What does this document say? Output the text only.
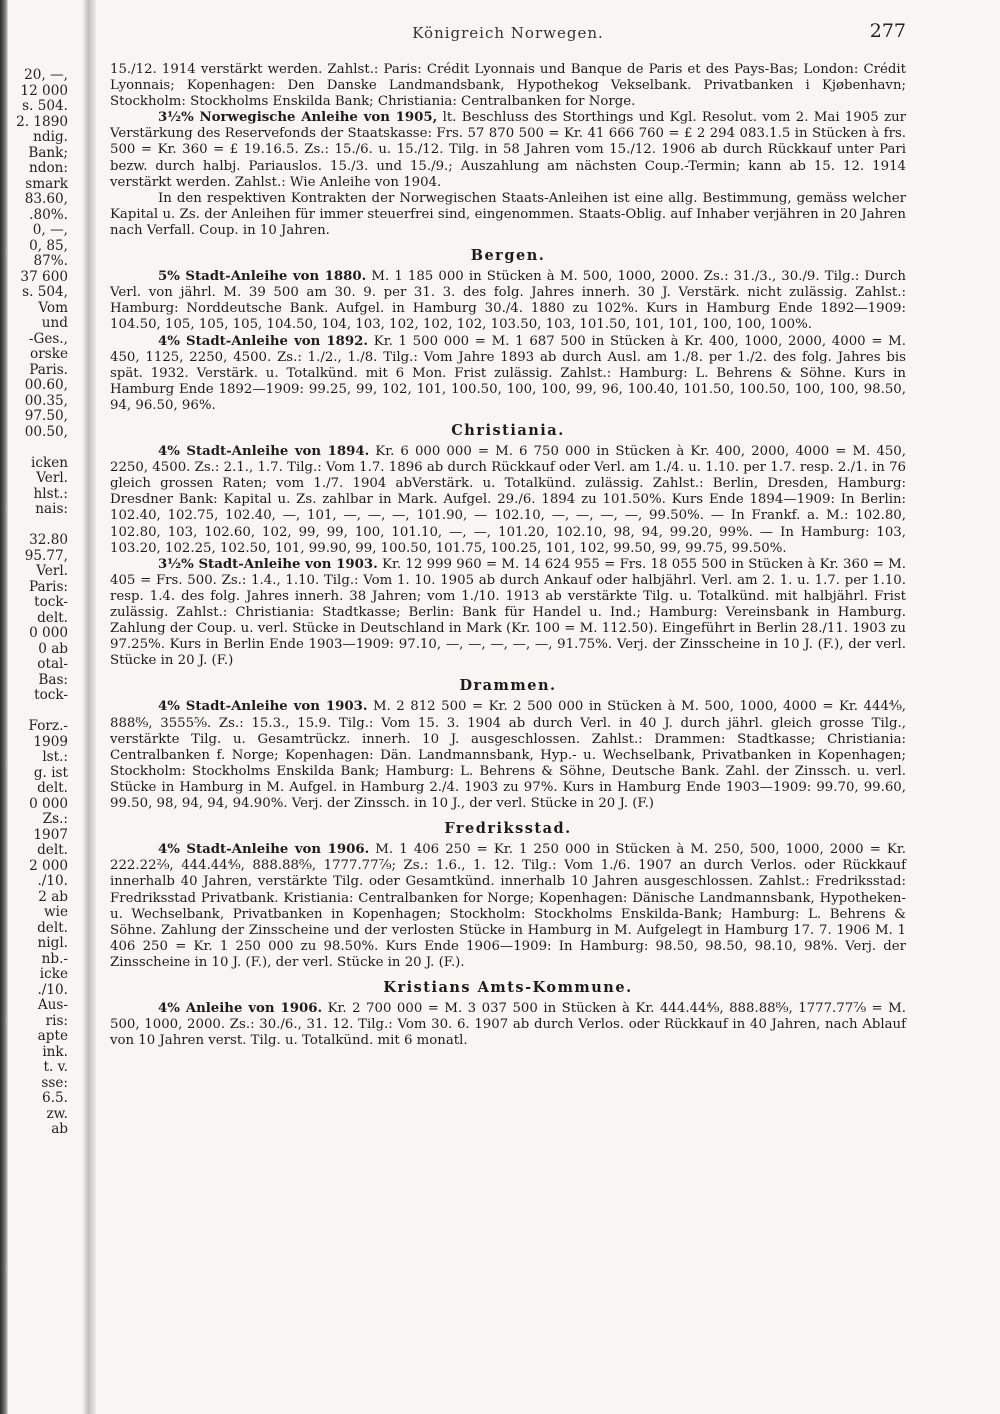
20, —,
12 000
s. 504.
2. 1890
ndig.
Bank;
ndon:
smark
83.60,
.80%.
0, —,
0, 85,
87%.
37 600
s. 504,
Vom
und
-Ges.,
orske
Paris.
00.60,
00.35,
97.50,
00.50,
icken
Verl.
hlst.:
nais:
32.80
95.77,
Verl.
Paris:
tock-
delt.
0 000
0 ab
otal-
Bas:
tock-
Forz.-
1909
lst.:
g. ist
delt.
0 000
Zs.:
1907
delt.
2 000
./10.
2 ab
wie
delt.
nigl.
nb.-
icke
./10.
Aus-
ris:
apte
ink.
t. v.
sse:
6.5.
zw.
ab
Königreich Norwegen.	277

15./12. 1914 verstärkt werden. Zahlst.: Paris: Crédit Lyonnais und Banque de Paris et des Pays-Bas; London: Crédit Lyonnais; Kopenhagen: Den Danske Landmandsbank, Hypothekog Vekselbank. Privatbanken i Kjøbenhavn; Stockholm: Stockholms Enskilda Bank; Christiania: Centralbanken for Norge.

3½% Norwegische Anleihe von 1905, lt. Beschluss des Storthings und Kgl. Resolut. vom 2. Mai 1905 zur Verstärkung des Reservefonds der Staatskasse: Frs. 57 870 500 = Kr. 41 666 760 = £ 2 294 083.1.5 in Stücken à frs. 500 = Kr. 360 = £ 19.16.5. Zs.: 15./6. u. 15./12. Tilg. in 58 Jahren vom 15./12. 1906 ab durch Rückkauf unter Pari bezw. durch halbj. Pariauslos. 15./3. und 15./9.; Auszahlung am nächsten Coup.-Termin; kann ab 15. 12. 1914 verstärkt werden. Zahlst.: Wie Anleihe von 1904.

In den respektiven Kontrakten der Norwegischen Staats-Anleihen ist eine allg. Bestimmung, gemäss welcher Kapital u. Zs. der Anleihen für immer steuerfrei sind, eingenommen. Staats-Oblig. auf Inhaber verjähren in 20 Jahren nach Verfall. Coup. in 10 Jahren.

Bergen.

5% Stadt-Anleihe von 1880. M. 1 185 000 in Stücken à M. 500, 1000, 2000. Zs.: 31./3., 30./9. Tilg.: Durch Verl. von jährl. M. 39 500 am 30. 9. per 31. 3. des folg. Jahres innerh. 30 J. Verstärk. nicht zulässig. Zahlst.: Hamburg: Norddeutsche Bank. Aufgel. in Hamburg 30./4. 1880 zu 102%. Kurs in Hamburg Ende 1892—1909: 104.50, 105, 105, 105, 104.50, 104, 103, 102, 102, 102, 103.50, 103, 101.50, 101, 101, 100, 100, 100%.

4% Stadt-Anleihe von 1892. Kr. 1 500 000 = M. 1 687 500 in Stücken à Kr. 400, 1000, 2000, 4000 = M. 450, 1125, 2250, 4500. Zs.: 1./2., 1./8. Tilg.: Vom Jahre 1893 ab durch Ausl. am 1./8. per 1./2. des folg. Jahres bis spät. 1932. Verstärk. u. Totalkünd. mit 6 Mon. Frist zulässig. Zahlst.: Hamburg: L. Behrens & Söhne. Kurs in Hamburg Ende 1892—1909: 99.25, 99, 102, 101, 100.50, 100, 100, 99, 96, 100.40, 101.50, 100.50, 100, 100, 98.50, 94, 96.50, 96%.

Christiania.

4% Stadt-Anleihe von 1894. Kr. 6 000 000 = M. 6 750 000 in Stücken à Kr. 400, 2000, 4000 = M. 450, 2250, 4500. Zs.: 2.1., 1.7. Tilg.: Vom 1.7. 1896 ab durch Rückkauf oder Verl. am 1./4. u. 1.10. per 1.7. resp. 2./1. in 76 gleich grossen Raten; vom 1./7. 1904 abVerstärk. u. Totalkünd. zulässig. Zahlst.: Berlin, Dresden, Hamburg: Dresdner Bank: Kapital u. Zs. zahlbar in Mark. Aufgel. 29./6. 1894 zu 101.50%. Kurs Ende 1894—1909: In Berlin: 102.40, 102.75, 102.40, —, 101, —, —, —, 101.90, — 102.10, —, —, —, —, 99.50%. — In Frankf. a. M.: 102.80, 102.80, 103, 102.60, 102, 99, 99, 100, 101.10, —, —, 101.20, 102.10, 98, 94, 99.20, 99%. — In Hamburg: 103, 103.20, 102.25, 102.50, 101, 99.90, 99, 100.50, 101.75, 100.25, 101, 102, 99.50, 99, 99.75, 99.50%.

3½% Stadt-Anleihe von 1903. Kr. 12 999 960 = M. 14 624 955 = Frs. 18 055 500 in Stücken à Kr. 360 = M. 405 = Frs. 500. Zs.: 1.4., 1.10. Tilg.: Vom 1. 10. 1905 ab durch Ankauf oder halbjährl. Verl. am 2. 1. u. 1.7. per 1.10. resp. 1.4. des folg. Jahres innerh. 38 Jahren; vom 1./10. 1913 ab verstärkte Tilg. u. Totalkünd. mit halbjährl. Frist zulässig. Zahlst.: Christiania: Stadtkasse; Berlin: Bank für Handel u. Ind.; Hamburg: Vereinsbank in Hamburg. Zahlung der Coup. u. verl. Stücke in Deutschland in Mark (Kr. 100 = M. 112.50). Eingeführt in Berlin 28./11. 1903 zu 97.25%. Kurs in Berlin Ende 1903—1909: 97.10, —, —, —, —, —, 91.75%. Verj. der Zinsscheine in 10 J. (F.), der verl. Stücke in 20 J. (F.)

Drammen.

4% Stadt-Anleihe von 1903. M. 2 812 500 = Kr. 2 500 000 in Stücken à M. 500, 1000, 4000 = Kr. 444⁴⁄₉, 888⁸⁄₉, 3555⁵⁄₉. Zs.: 15.3., 15.9. Tilg.: Vom 15. 3. 1904 ab durch Verl. in 40 J. durch jährl. gleich grosse Tilg., verstärkte Tilg. u. Gesamtrückz. innerh. 10 J. ausgeschlossen. Zahlst.: Drammen: Stadtkasse; Christiania: Centralbanken f. Norge; Kopenhagen: Dän. Landmannsbank, Hyp.- u. Wechselbank, Privatbanken in Kopenhagen; Stockholm: Stockholms Enskilda Bank; Hamburg: L. Behrens & Söhne, Deutsche Bank. Zahl. der Zinssch. u. verl. Stücke in Hamburg in M. Aufgel. in Hamburg 2./4. 1903 zu 97%. Kurs in Hamburg Ende 1903—1909: 99.70, 99.60, 99.50, 98, 94, 94, 94.90%. Verj. der Zinssch. in 10 J., der verl. Stücke in 20 J. (F.)

Fredriksstad.

4% Stadt-Anleihe von 1906. M. 1 406 250 = Kr. 1 250 000 in Stücken à M. 250, 500, 1000, 2000 = Kr. 222.22²⁄₉, 444.44⁴⁄₉, 888.88⁸⁄₉, 1777.77⁷⁄₉; Zs.: 1.6., 1. 12. Tilg.: Vom 1./6. 1907 an durch Verlos. oder Rückkauf innerhalb 40 Jahren, verstärkte Tilg. oder Gesamtkünd. innerhalb 10 Jahren ausgeschlossen. Zahlst.: Fredriksstad: Fredriksstad Privatbank. Kristiania: Centralbanken for Norge; Kopenhagen: Dänische Landmannsbank, Hypotheken- u. Wechselbank, Privatbanken in Kopenhagen; Stockholm: Stockholms Enskilda-Bank; Hamburg: L. Behrens & Söhne. Zahlung der Zinsscheine und der verlosten Stücke in Hamburg in M. Aufgelegt in Hamburg 17. 7. 1906 M. 1 406 250 = Kr. 1 250 000 zu 98.50%. Kurs Ende 1906—1909: In Hamburg: 98.50, 98.50, 98.10, 98%. Verj. der Zinsscheine in 10 J. (F.), der verl. Stücke in 20 J. (F.).

Kristians Amts-Kommune.

4% Anleihe von 1906. Kr. 2 700 000 = M. 3 037 500 in Stücken à Kr. 444.44⁴⁄₉, 888.88⁸⁄₉, 1777.77⁷⁄₉ = M. 500, 1000, 2000. Zs.: 30./6., 31. 12. Tilg.: Vom 30. 6. 1907 ab durch Verlos. oder Rückkauf in 40 Jahren, nach Ablauf von 10 Jahren verst. Tilg. u. Totalkünd. mit 6 monatl.
